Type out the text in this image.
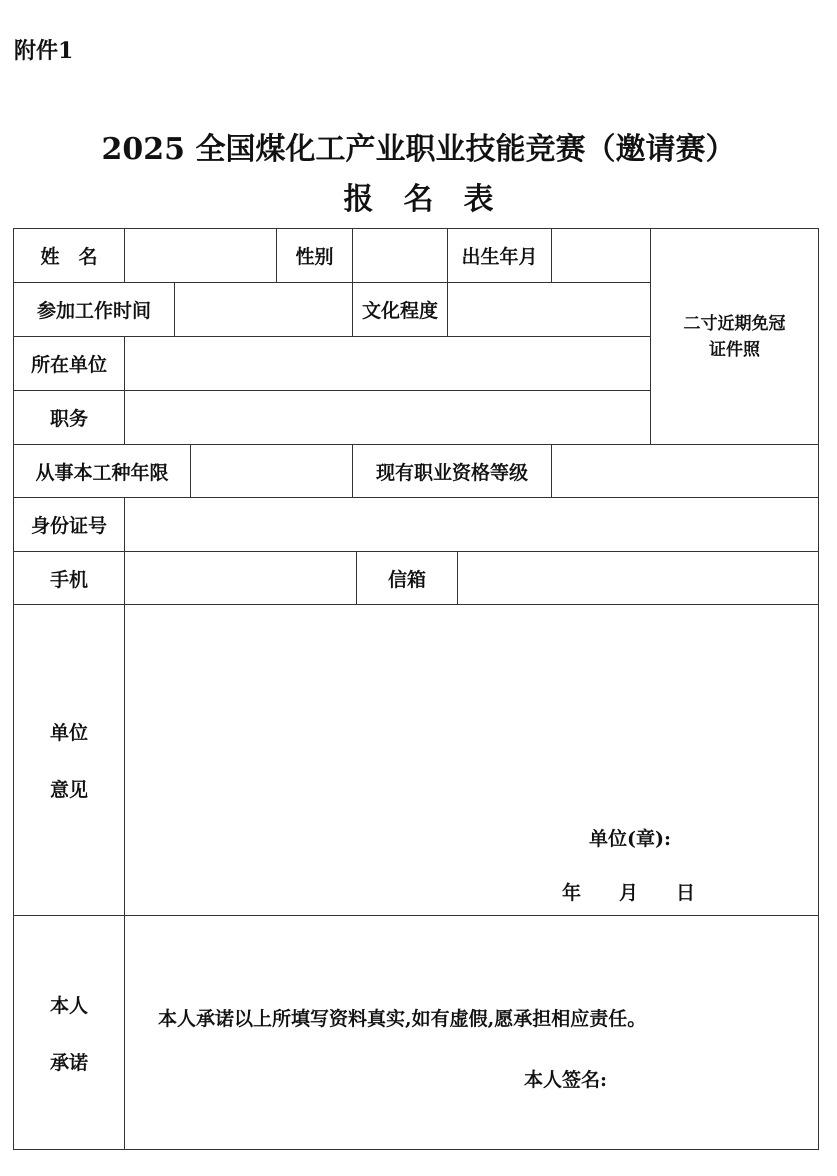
附件1
2025 全国煤化工产业职业技能竞赛（邀请赛）
报名表
姓　名	性别	出生年月
二寸近期免冠
证件照
参加工作时间	文化程度
所在单位
职务
从事本工种年限	现有职业资格等级
身份证号
手机	信箱
单位
意见
单位(章):
年　　月　　日
本人
承诺
本人承诺以上所填写资料真实,如有虚假,愿承担相应责任。
本人签名:
